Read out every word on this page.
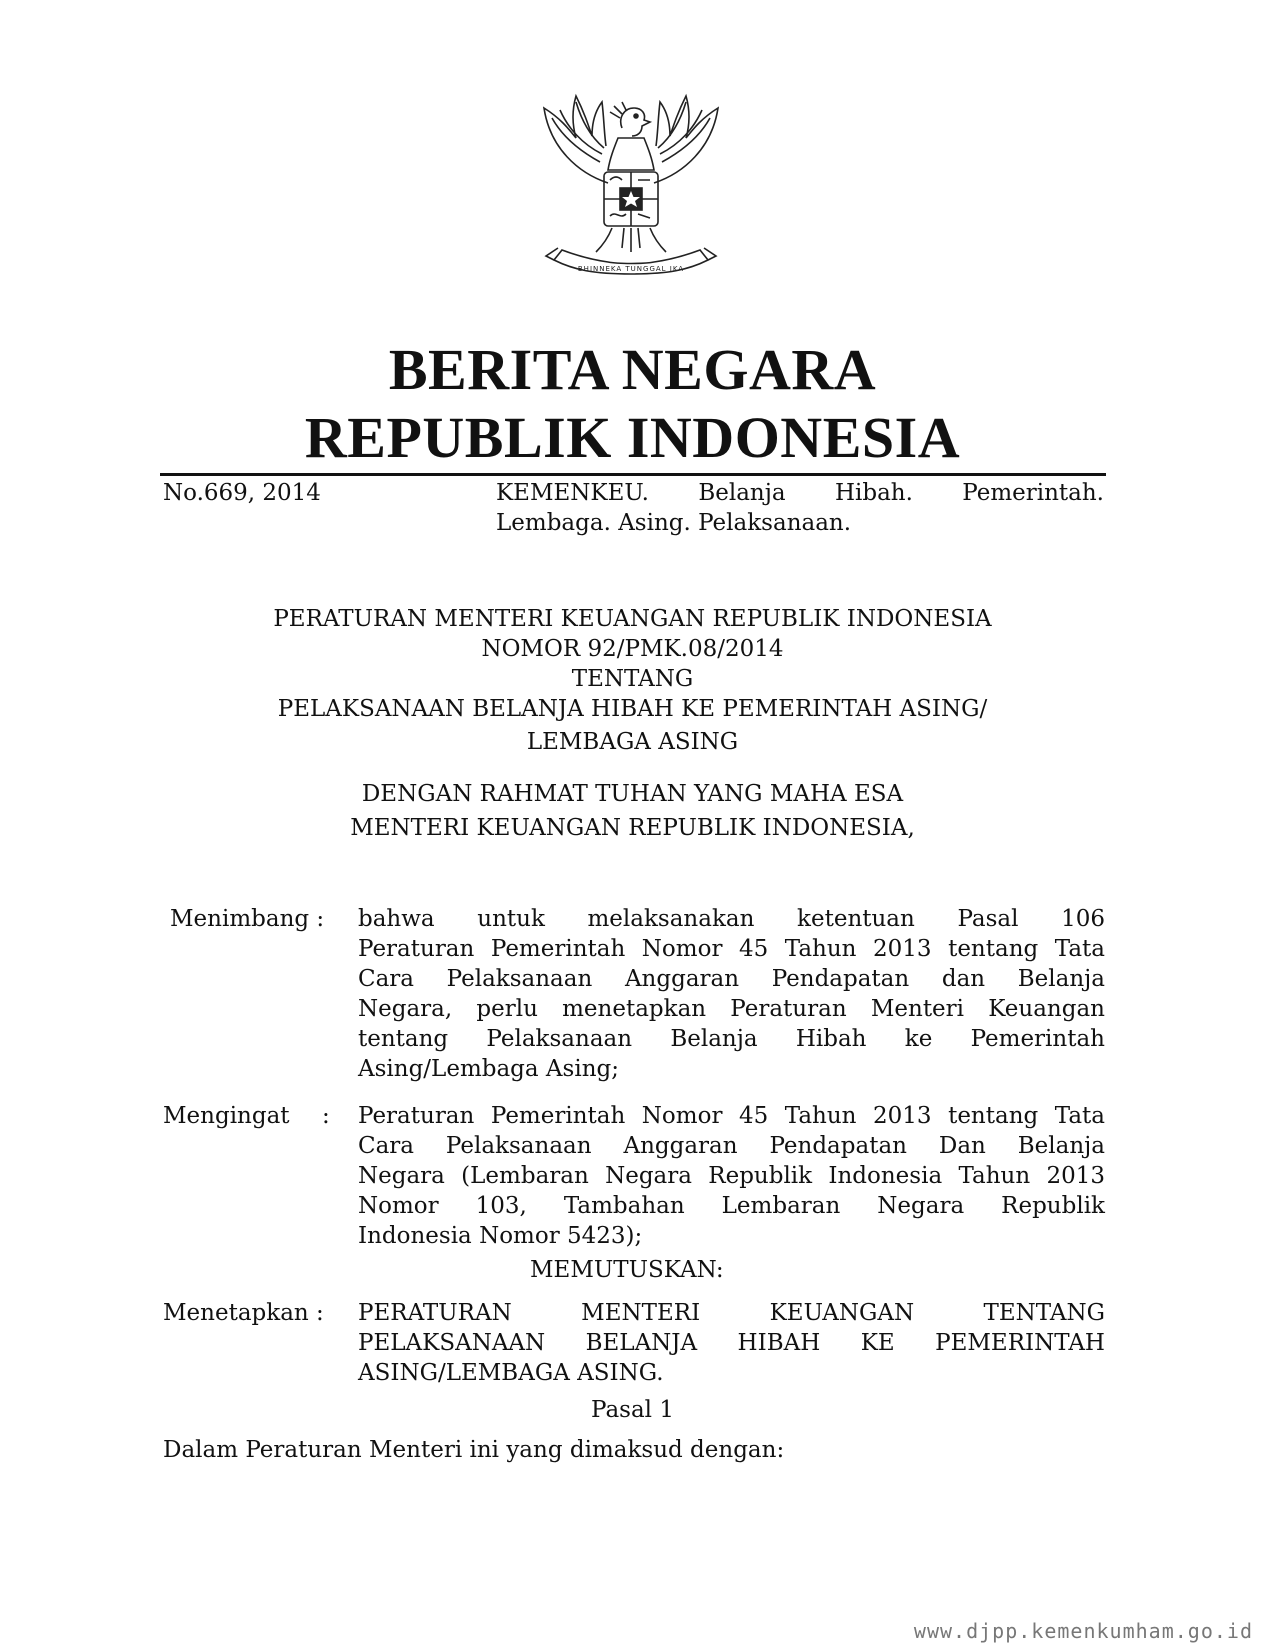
BHINNEKA TUNGGAL IKA
BERITA NEGARA
REPUBLIK INDONESIA
No.669, 2014	KEMENKEU. Belanja Hibah. Pemerintah.
Lembaga. Asing. Pelaksanaan.
PERATURAN MENTERI KEUANGAN REPUBLIK INDONESIA
NOMOR 92/PMK.08/2014
TENTANG
PELAKSANAAN BELANJA HIBAH KE PEMERINTAH ASING/
LEMBAGA ASING
DENGAN RAHMAT TUHAN YANG MAHA ESA
MENTERI KEUANGAN REPUBLIK INDONESIA,
Menimbang : bahwa untuk melaksanakan ketentuan Pasal 106
Peraturan Pemerintah Nomor 45 Tahun 2013 tentang Tata
Cara Pelaksanaan Anggaran Pendapatan dan Belanja
Negara, perlu menetapkan Peraturan Menteri Keuangan
tentang Pelaksanaan Belanja Hibah ke Pemerintah
Asing/Lembaga Asing;
Mengingat : Peraturan Pemerintah Nomor 45 Tahun 2013 tentang Tata
Cara Pelaksanaan Anggaran Pendapatan Dan Belanja
Negara (Lembaran Negara Republik Indonesia Tahun 2013
Nomor 103, Tambahan Lembaran Negara Republik
Indonesia Nomor 5423);
MEMUTUSKAN:
Menetapkan : PERATURAN MENTERI KEUANGAN TENTANG
PELAKSANAAN BELANJA HIBAH KE PEMERINTAH
ASING/LEMBAGA ASING.
Pasal 1
Dalam Peraturan Menteri ini yang dimaksud dengan:
www.djpp.kemenkumham.go.id
